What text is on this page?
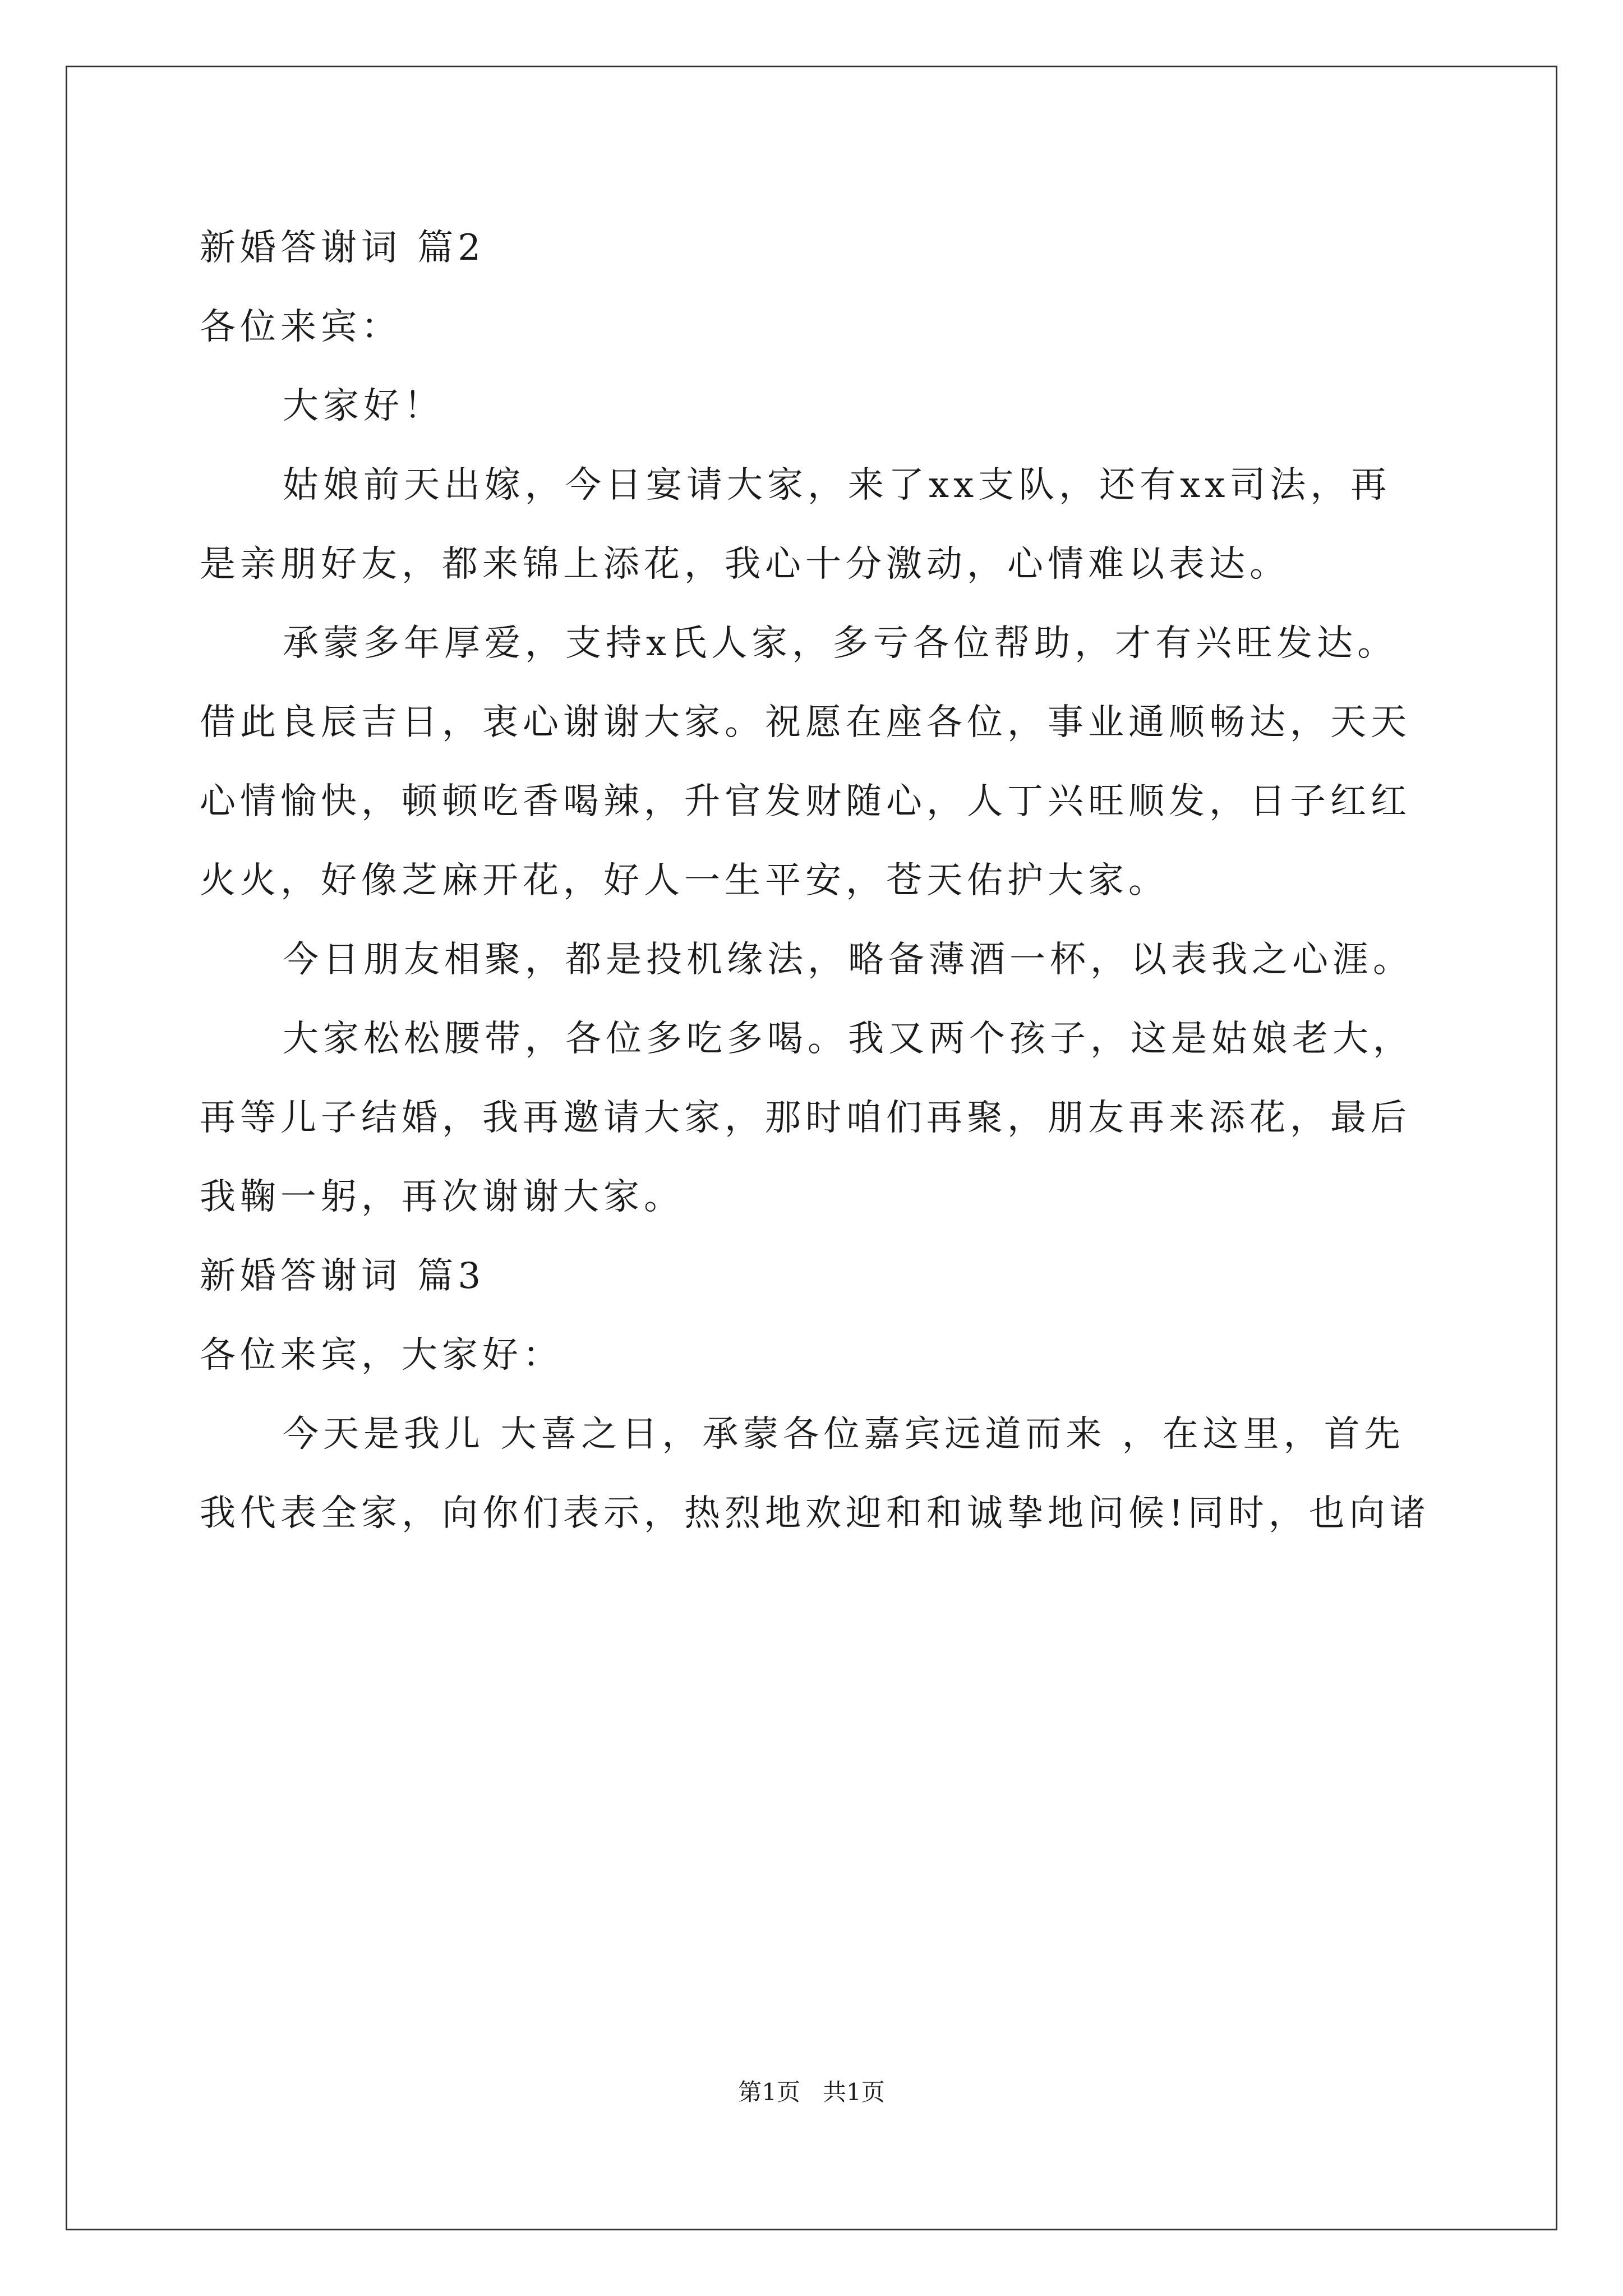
新婚答谢词 篇2

各位来宾：

大家好！

姑娘前天出嫁，今日宴请大家，来了xx支队，还有xx司法，再

是亲朋好友，都来锦上添花，我心十分激动，心情难以表达。

承蒙多年厚爱，支持x氏人家，多亏各位帮助，才有兴旺发达。

借此良辰吉日，衷心谢谢大家。祝愿在座各位，事业通顺畅达，天天

心情愉快，顿顿吃香喝辣，升官发财随心，人丁兴旺顺发，日子红红

火火，好像芝麻开花，好人一生平安，苍天佑护大家。

今日朋友相聚，都是投机缘法，略备薄酒一杯，以表我之心涯。

大家松松腰带，各位多吃多喝。我又两个孩子，这是姑娘老大，

再等儿子结婚，我再邀请大家，那时咱们再聚，朋友再来添花，最后

我鞠一躬，再次谢谢大家。

新婚答谢词 篇3

各位来宾，大家好：

今天是我儿 大喜之日，承蒙各位嘉宾远道而来 ，在这里，首先

我代表全家，向你们表示，热烈地欢迎和和诚挚地问候!同时，也向诸

第1页 共1页
